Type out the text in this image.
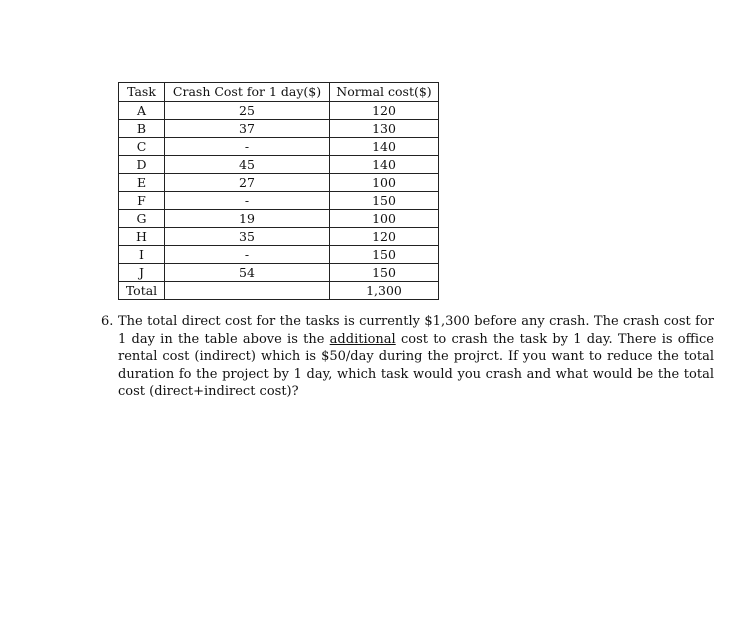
Task	Crash Cost for 1 day($)	Normal cost($)
A	25	120
B	37	130
C	-	140
D	45	140
E	27	100
F	-	150
G	19	100
H	35	120
I	-	150
J	54	150
Total		1,300
6. The total direct cost for the tasks is currently $1,300 before any crash. The crash cost for 1 day in the table above is the additional cost to crash the task by 1 day. There is office rental cost (indirect) which is $50/day during the projrct. If you want to reduce the total duration fo the project by 1 day, which task would you crash and what would be the total cost (direct+indirect cost)?
